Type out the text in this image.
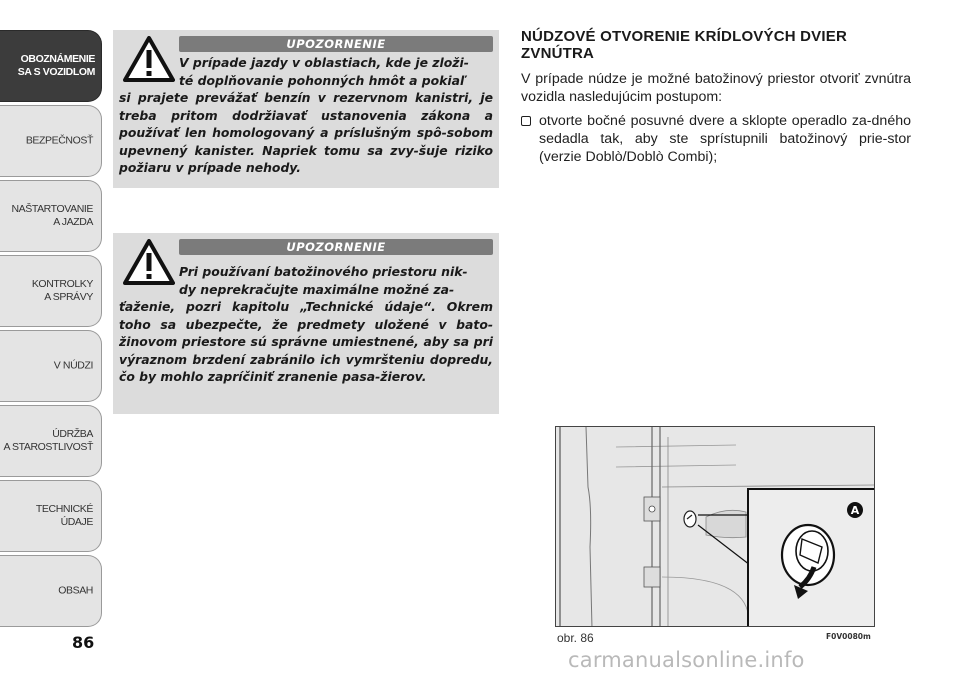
OBOZNÁMENIE
SA S VOZIDLOM
BEZPEČNOSŤ
NAŠTARTOVANIE
A JAZDA
KONTROLKY
A SPRÁVY
V NÚDZI
ÚDRŽBA
A STAROSTLIVOSŤ
TECHNICKÉ
ÚDAJE
OBSAH
86
UPOZORNENIE
V prípade jazdy v oblastiach, kde je zloži-
té doplňovanie pohonných hmôt a pokiaľ
si prajete prevážať benzín v rezervnom kanistri, je treba pritom dodržiavať ustanovenia zákona a používať len homologovaný a príslušným spô-sobom upevnený kanister. Napriek tomu sa zvy-šuje riziko požiaru v prípade nehody.
UPOZORNENIE
Pri používaní batožinového priestoru nik-
dy neprekračujte maximálne možné za-
ťaženie, pozri kapitolu „Technické údaje“. Okrem toho sa ubezpečte, že predmety uložené v bato-žinovom priestore sú správne umiestnené, aby sa pri výraznom brzdení zabránilo ich vymršteniu dopredu, čo by mohlo zapríčiniť zranenie pasa-žierov.
NÚDZOVÉ OTVORENIE KRÍDLOVÝCH DVIER ZVNÚTRA

V prípade núdze je možné batožinový priestor otvoriť zvnútra vozidla nasledujúcim postupom:

otvorte bočné posuvné dvere a sklopte operadlo za-dného sedadla tak, aby ste sprístupnili batožinový prie-stor (verzie Doblò/Doblò Combi);
A
obr. 86	F0V0080m
carmanualsonline.info
